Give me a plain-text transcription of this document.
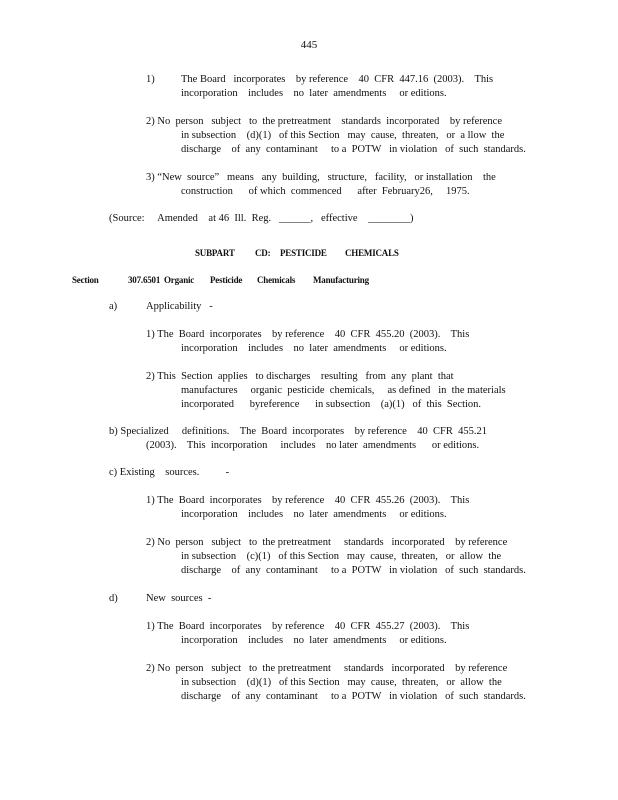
445
1)	The Board   incorporates    by reference    40  CFR  447.16  (2003).    This
incorporation    includes    no  later  amendments     or editions.
2) No  person   subject   to  the pretreatment    standards  incorporated    by reference
in subsection    (d)(1)   of this Section   may  cause,  threaten,   or  a llow  the
discharge    of  any  contaminant     to a  POTW   in violation   of  such  standards.
3) “New  source”   means   any  building,   structure,   facility,   or installation    the
construction      of which  commenced      after  February26,     1975.
(Source:     Amended    at 46  Ill.  Reg.   ______,   effective    ________)
SUBPART CD: PESTICIDE CHEMICALS
Section	307.6501 Organic Pesticide Chemicals Manufacturing
a)	Applicability   -
1) The  Board  incorporates    by reference    40  CFR  455.20  (2003).    This
incorporation    includes    no  later  amendments     or editions.
2) This  Section  applies   to discharges    resulting   from  any  plant  that
manufactures     organic  pesticide  chemicals,     as defined   in  the materials
incorporated      byreference      in subsection    (a)(1)   of  this  Section.
b) Specialized     definitions.    The  Board  incorporates    by reference    40  CFR  455.21
(2003).    This  incorporation     includes    no later  amendments      or editions.
c) Existing    sources.          -
1) The  Board  incorporates    by reference    40  CFR  455.26  (2003).    This
incorporation    includes    no  later  amendments     or editions.
2) No  person   subject   to  the pretreatment     standards   incorporated    by reference
in subsection    (c)(1)   of this Section   may  cause,  threaten,   or  allow  the
discharge    of  any  contaminant     to a  POTW   in violation   of  such  standards.
d)	New  sources  -
1) The  Board  incorporates    by reference    40  CFR  455.27  (2003).    This
incorporation    includes    no  later  amendments     or editions.
2) No  person   subject   to  the pretreatment     standards   incorporated    by reference
in subsection    (d)(1)   of this Section   may  cause,  threaten,   or  allow  the
discharge    of  any  contaminant     to a  POTW   in violation   of  such  standards.
